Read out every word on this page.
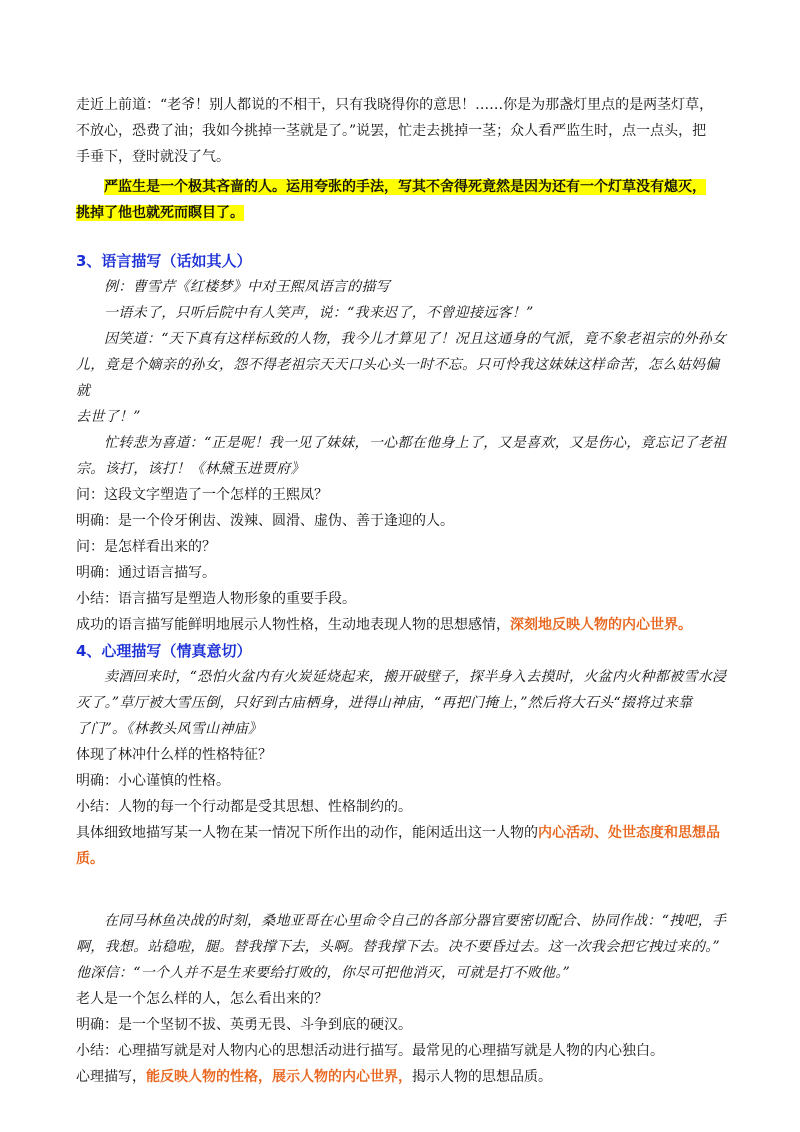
走近上前道：“老爷！别人都说的不相干，只有我晓得你的意思！……你是为那盏灯里点的是两茎灯草，

不放心，恐费了油；我如今挑掉一茎就是了。”说罢，忙走去挑掉一茎；众人看严监生时，点一点头，把

手垂下，登时就没了气。

严监生是一个极其吝啬的人。运用夸张的手法，写其不舍得死竟然是因为还有一个灯草没有熄灭，

挑掉了他也就死而瞑目了。

3、语言描写（话如其人）

例：曹雪芹《红楼梦》中对王熙凤语言的描写

一语未了，只听后院中有人笑声，说：“我来迟了，不曾迎接远客！”

因笑道：“天下真有这样标致的人物，我今儿才算见了！况且这通身的气派，竟不象老祖宗的外孙女

儿，竟是个嫡亲的孙女，怨不得老祖宗天天口头心头一时不忘。只可怜我这妹妹这样命苦，怎么姑妈偏就

去世了！”

忙转悲为喜道：“正是呢！我一见了妹妹，一心都在他身上了，又是喜欢，又是伤心，竟忘记了老祖

宗。该打，该打！《林黛玉进贾府》

问：这段文字塑造了一个怎样的王熙凤？

明确：是一个伶牙俐齿、泼辣、圆滑、虚伪、善于逢迎的人。

问：是怎样看出来的？

明确：通过语言描写。

小结：语言描写是塑造人物形象的重要手段。

成功的语言描写能鲜明地展示人物性格，生动地表现人物的思想感情，深刻地反映人物的内心世界。

4、心理描写（情真意切）

卖酒回来时，“恐怕火盆内有火炭延烧起来，搬开破壁子，探半身入去摸时，火盆内火种都被雪水浸

灭了。”草厅被大雪压倒，只好到古庙栖身，进得山神庙，“再把门掩上，”然后将大石头“掇将过来靠

了门”。《林教头风雪山神庙》

体现了林冲什么样的性格特征？

明确：小心谨慎的性格。

小结：人物的每一个行动都是受其思想、性格制约的。

具体细致地描写某一人物在某一情况下所作出的动作，能闲适出这一人物的内心活动、处世态度和思想品

质。

在同马林鱼决战的时刻，桑地亚哥在心里命令自己的各部分器官要密切配合、协同作战：“拽吧，手

啊，我想。站稳啦，腿。替我撑下去，头啊。替我撑下去。决不要昏过去。这一次我会把它拽过来的。”

他深信：“一个人并不是生来要给打败的，你尽可把他消灭，可就是打不败他。”

老人是一个怎么样的人，怎么看出来的？

明确：是一个坚韧不拔、英勇无畏、斗争到底的硬汉。

小结：心理描写就是对人物内心的思想活动进行描写。最常见的心理描写就是人物的内心独白。

心理描写，能反映人物的性格，展示人物的内心世界，揭示人物的思想品质。
